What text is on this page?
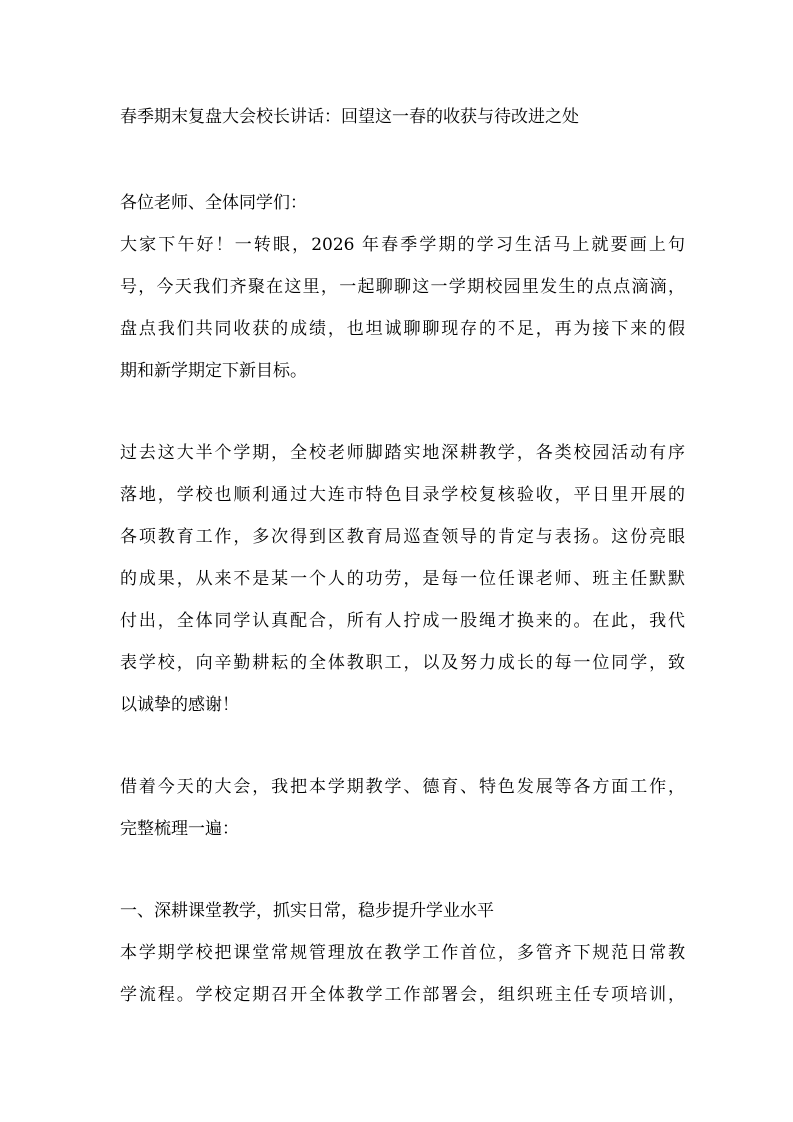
春季期末复盘大会校长讲话：回望这一春的收获与待改进之处
各位老师、全体同学们：
大家下午好！一转眼，2026 年春季学期的学习生活马上就要画上句
号，今天我们齐聚在这里，一起聊聊这一学期校园里发生的点点滴滴，
盘点我们共同收获的成绩，也坦诚聊聊现存的不足，再为接下来的假
期和新学期定下新目标。
过去这大半个学期，全校老师脚踏实地深耕教学，各类校园活动有序
落地，学校也顺利通过大连市特色目录学校复核验收，平日里开展的
各项教育工作，多次得到区教育局巡查领导的肯定与表扬。这份亮眼
的成果，从来不是某一个人的功劳，是每一位任课老师、班主任默默
付出，全体同学认真配合，所有人拧成一股绳才换来的。在此，我代
表学校，向辛勤耕耘的全体教职工，以及努力成长的每一位同学，致
以诚挚的感谢！
借着今天的大会，我把本学期教学、德育、特色发展等各方面工作，
完整梳理一遍：
一、深耕课堂教学，抓实日常，稳步提升学业水平
本学期学校把课堂常规管理放在教学工作首位，多管齐下规范日常教
学流程。学校定期召开全体教学工作部署会，组织班主任专项培训，
